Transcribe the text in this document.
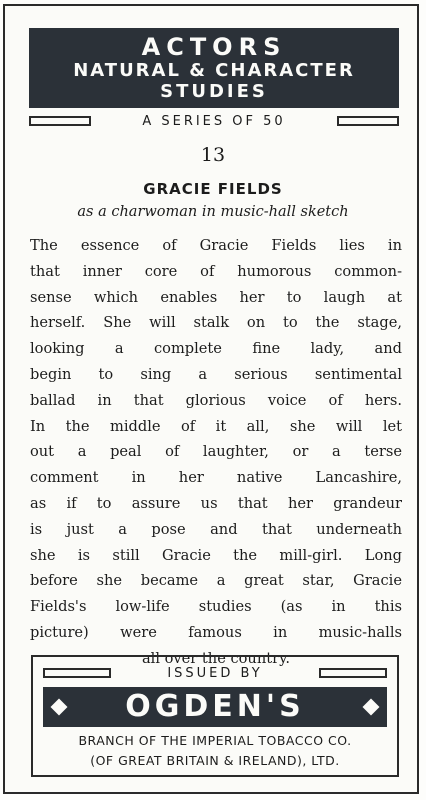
ACTORS
NATURAL & CHARACTER
STUDIES
A SERIES OF 50
13
GRACIE FIELDS
as a charwoman in music-hall sketch
The essence of Gracie Fields lies in
that inner core of humorous common-
sense which enables her to laugh at
herself. She will stalk on to the stage,
looking a complete fine lady, and
begin to sing a serious sentimental
ballad in that glorious voice of hers.
In the middle of it all, she will let
out a peal of laughter, or a terse
comment in her native Lancashire,
as if to assure us that her grandeur
is just a pose and that underneath
she is still Gracie the mill-girl. Long
before she became a great star, Gracie
Fields's low-life studies (as in this
picture) were famous in music-halls
all over the country.
ISSUED BY
OGDEN'S
BRANCH OF THE IMPERIAL TOBACCO CO.
(OF GREAT BRITAIN & IRELAND), LTD.
